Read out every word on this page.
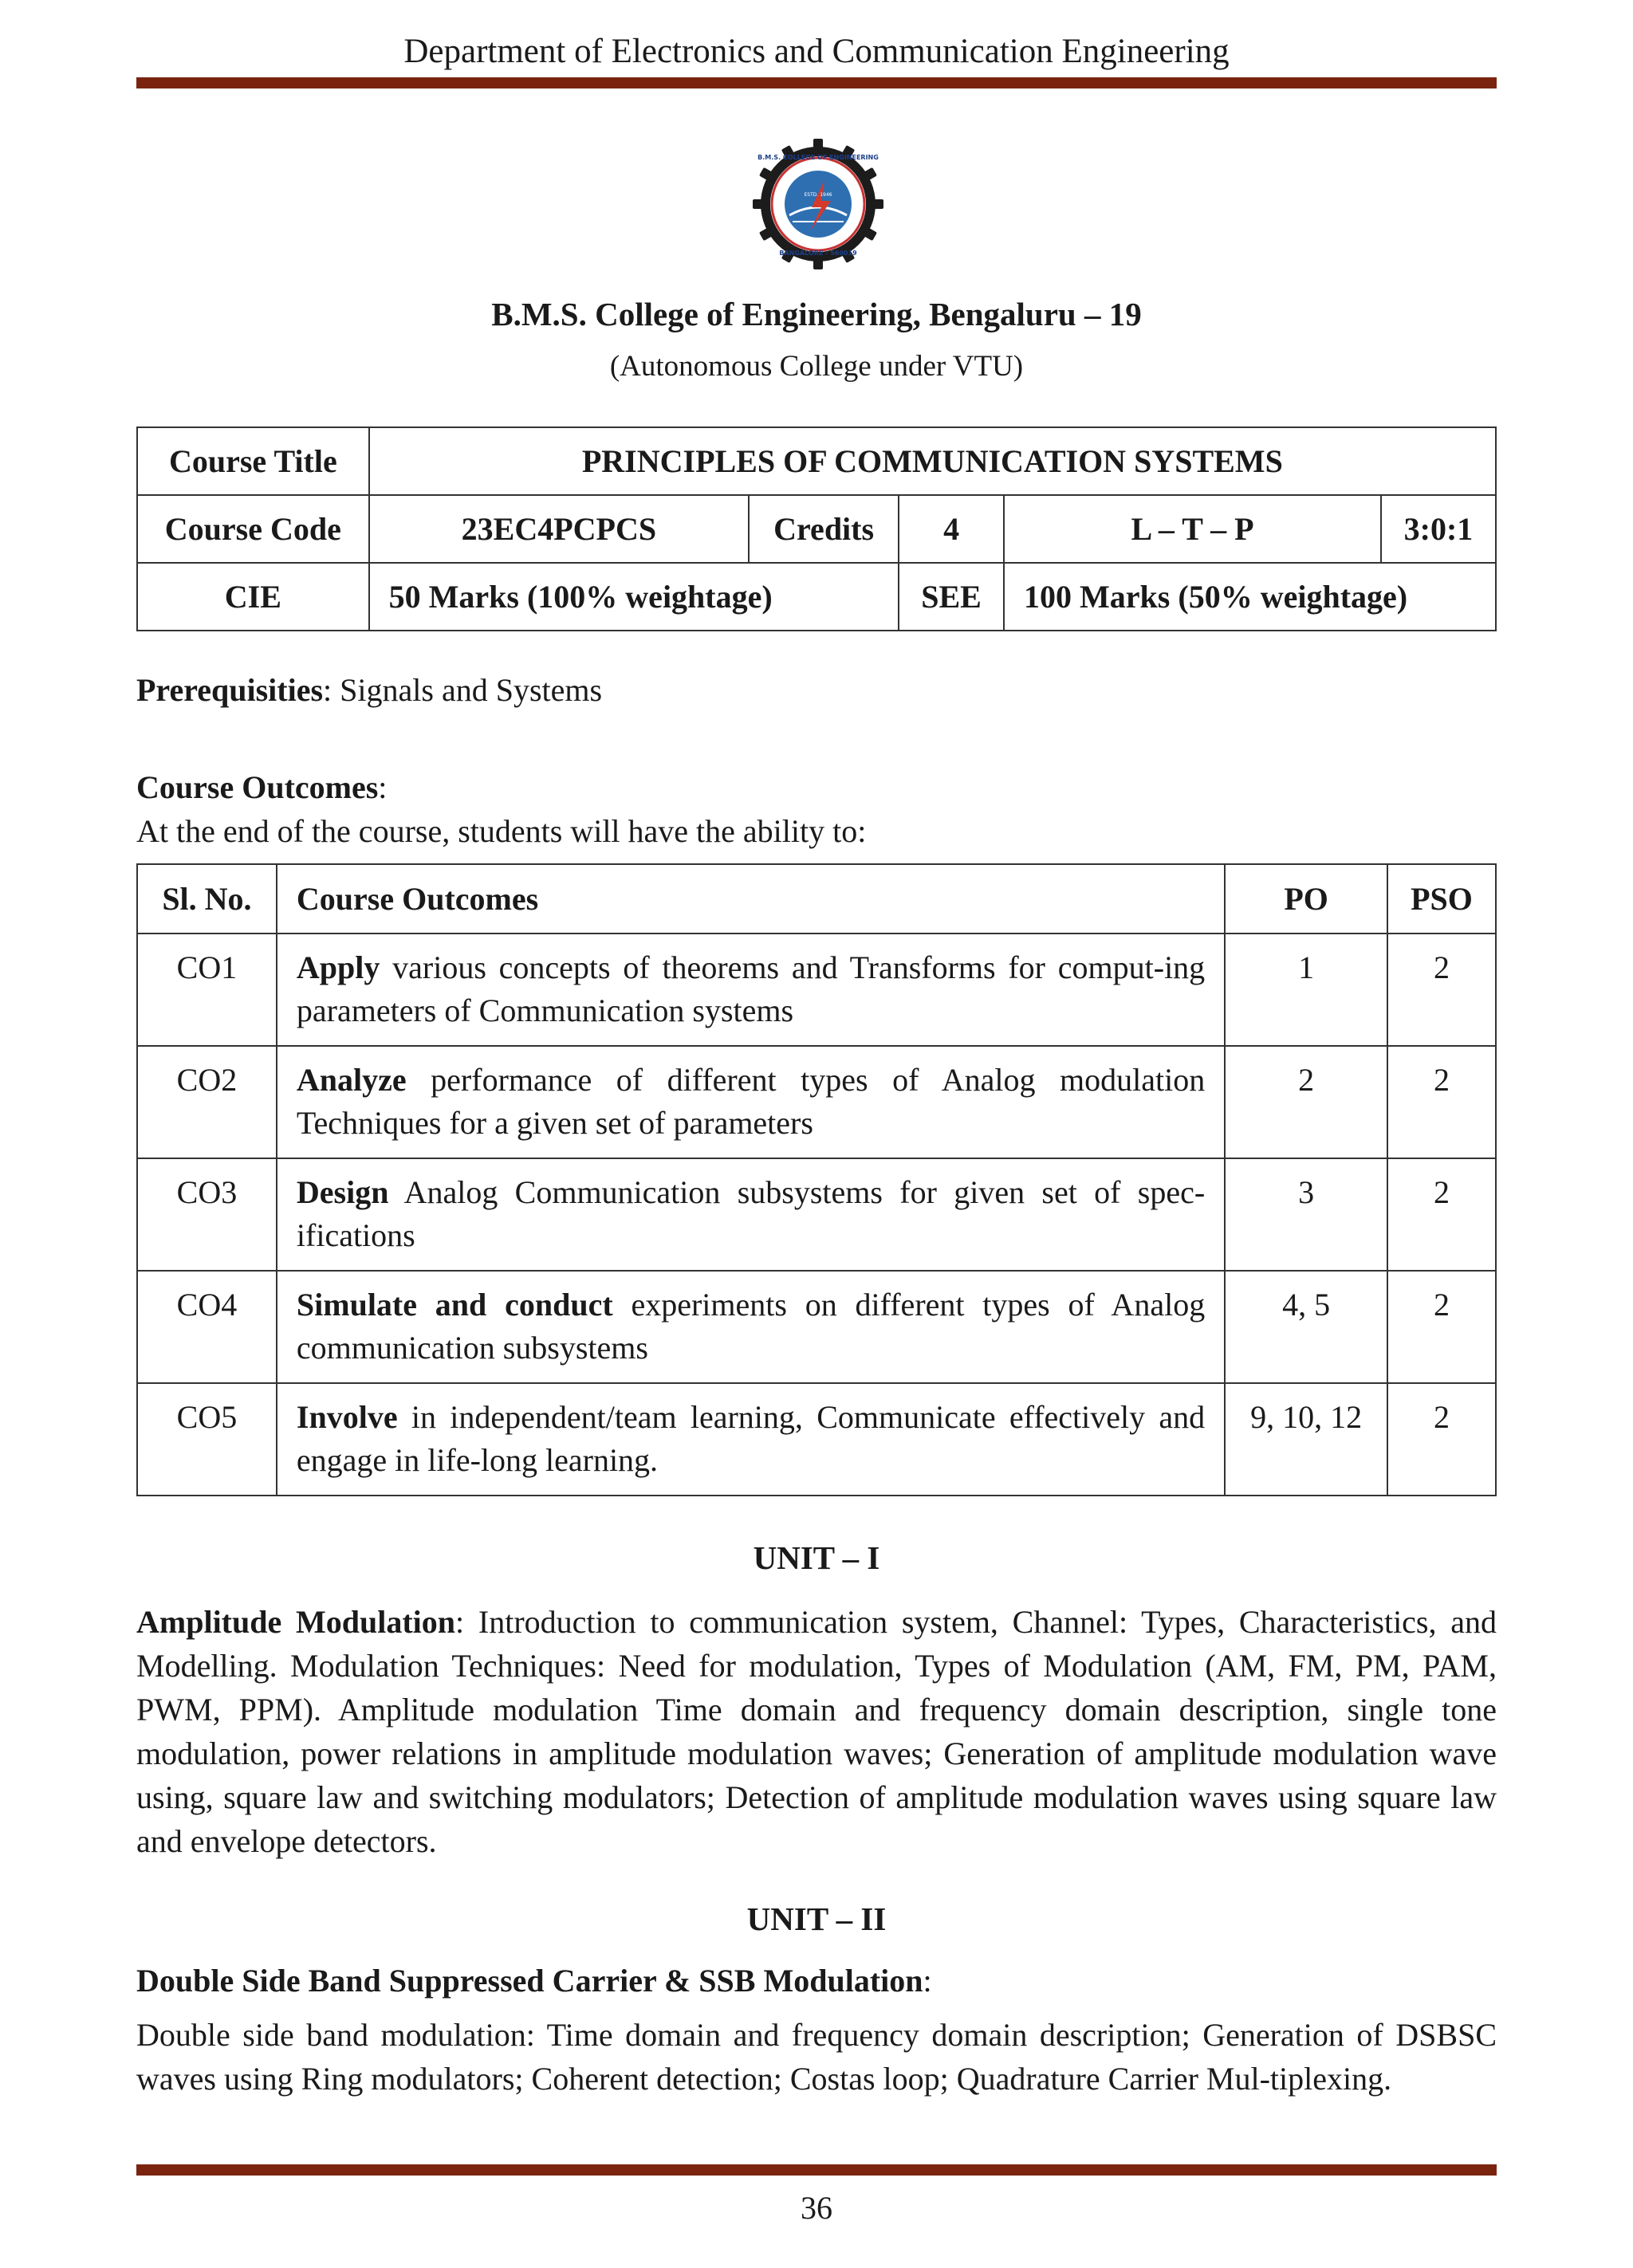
Department of Electronics and Communication Engineering
B.M.S. COLLEGE OF ENGINEERING
BANGALORE - 560019
ESTD. 1946
B.M.S. College of Engineering, Bengaluru – 19
(Autonomous College under VTU)
Course Title	PRINCIPLES OF COMMUNICATION SYSTEMS				
Course Code	23EC4PCPCS	Credits	4	L – T – P	3:0:1
CIE	50 Marks (100% weightage)		SEE	100 Marks (50% weightage)	
Prerequisities: Signals and Systems
Course Outcomes:
At the end of the course, students will have the ability to:
Sl. No.	Course Outcomes	PO	PSO
CO1	Apply various concepts of theorems and Transforms for comput-ing parameters of Communication systems	1	2
CO2	Analyze performance of different types of Analog modulation Techniques for a given set of parameters	2	2
CO3	Design Analog Communication subsystems for given set of spec-ifications	3	2
CO4	Simulate and conduct experiments on different types of Analog communication subsystems	4, 5	2
CO5	Involve in independent/team learning, Communicate effectively and engage in life-long learning.	9, 10, 12	2
UNIT – I
Amplitude Modulation: Introduction to communication system, Channel: Types, Characteristics, and Modelling. Modulation Techniques: Need for modulation, Types of Modulation (AM, FM, PM, PAM, PWM, PPM). Amplitude modulation Time domain and frequency domain description, single tone modulation, power relations in amplitude modulation waves; Generation of amplitude modulation wave using, square law and switching modulators; Detection of amplitude modulation waves using square law and envelope detectors.
UNIT – II
Double Side Band Suppressed Carrier & SSB Modulation:
Double side band modulation: Time domain and frequency domain description; Generation of DSBSC waves using Ring modulators; Coherent detection; Costas loop; Quadrature Carrier Mul-tiplexing.
36
